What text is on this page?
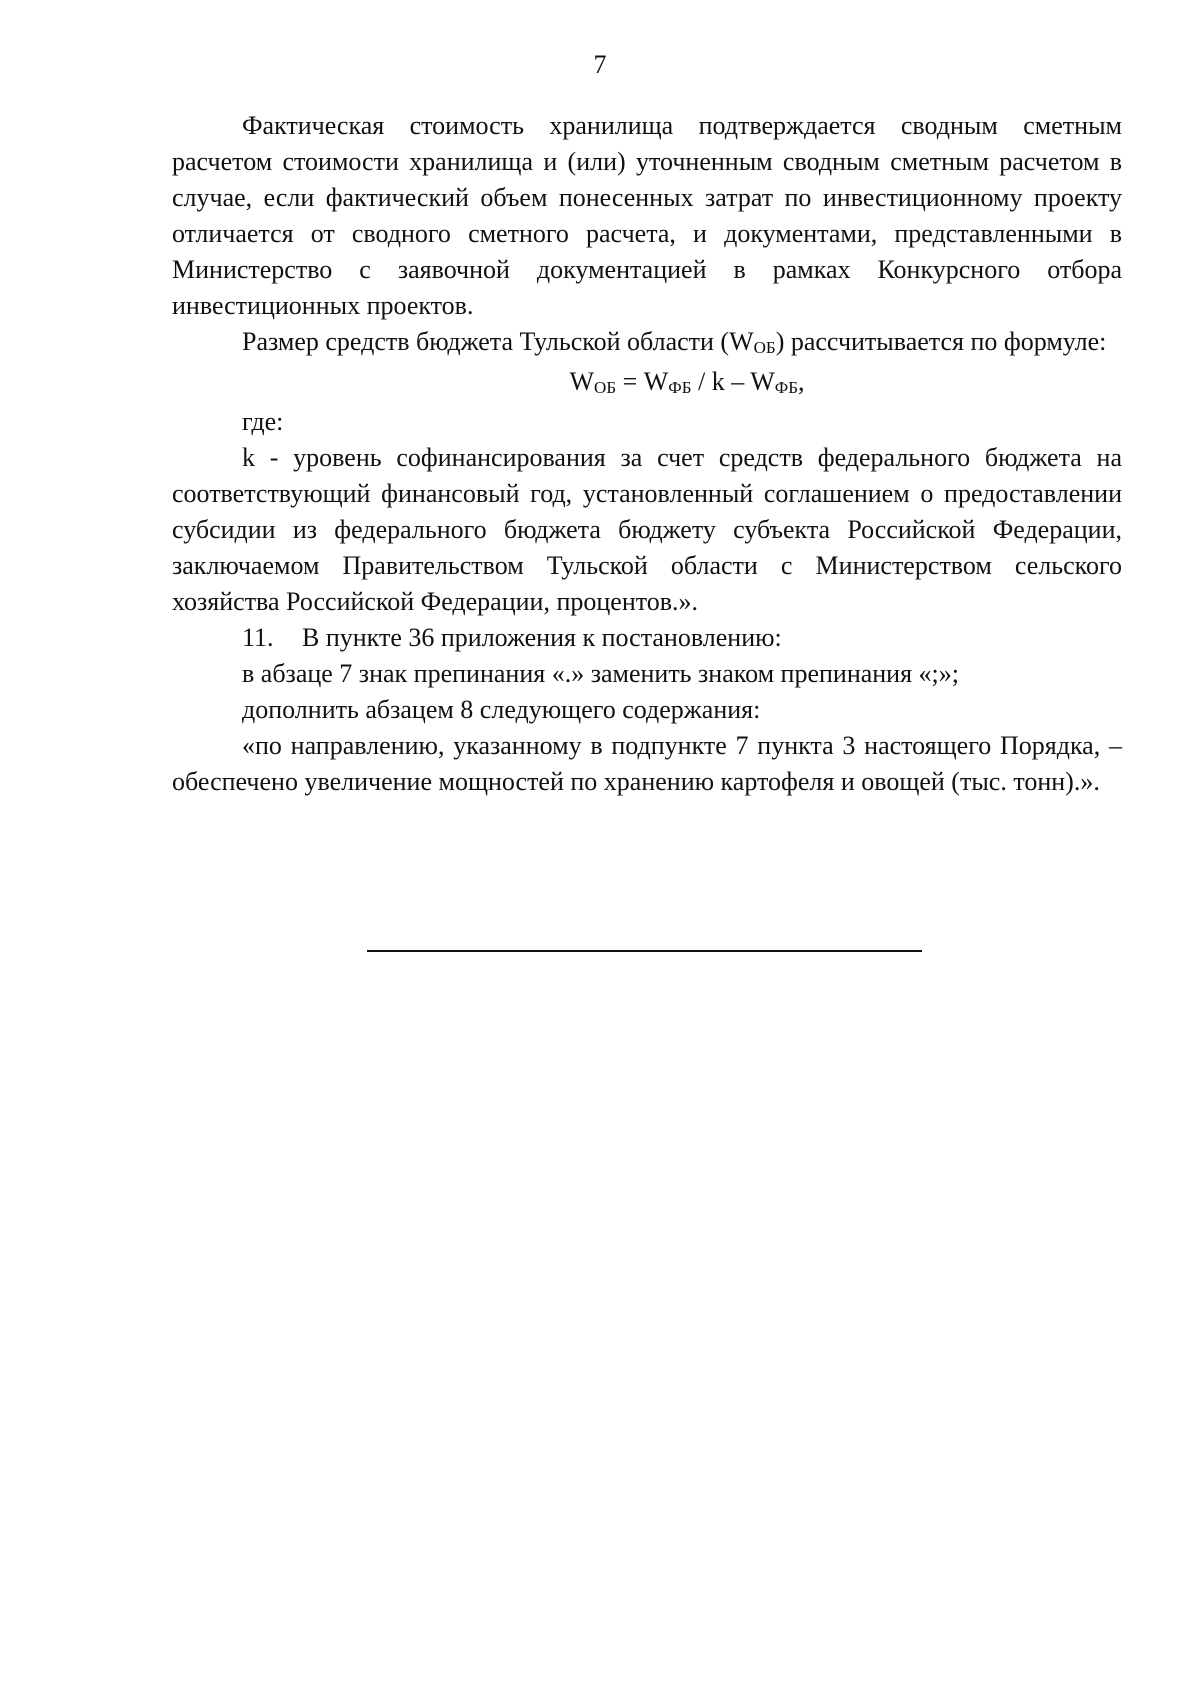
7

Фактическая стоимость хранилища подтверждается сводным сметным расчетом стоимости хранилища и (или) уточненным сводным сметным расчетом в случае, если фактический объем понесенных затрат по инвестиционному проекту отличается от сводного сметного расчета, и документами, представленными в Министерство с заявочной документацией в рамках Конкурсного отбора инвестиционных проектов.

Размер средств бюджета Тульской области $(W_{ОБ})$ рассчитывается по формуле:

$W_{ОБ} = W_{ФБ} / k - W_{ФБ}$,

где:

k - уровень софинансирования за счет средств федерального бюджета на соответствующий финансовый год, установленный соглашением о предоставлении субсидии из федерального бюджета бюджету субъекта Российской Федерации, заключаемом Правительством Тульской области с Министерством сельского хозяйства Российской Федерации, процентов.».

11. В пункте 36 приложения к постановлению:

в абзаце 7 знак препинания «.» заменить знаком препинания «;»;

дополнить абзацем 8 следующего содержания:

«по направлению, указанному в подпункте 7 пункта 3 настоящего Порядка, – обеспечено увеличение мощностей по хранению картофеля и овощей (тыс. тонн).».
